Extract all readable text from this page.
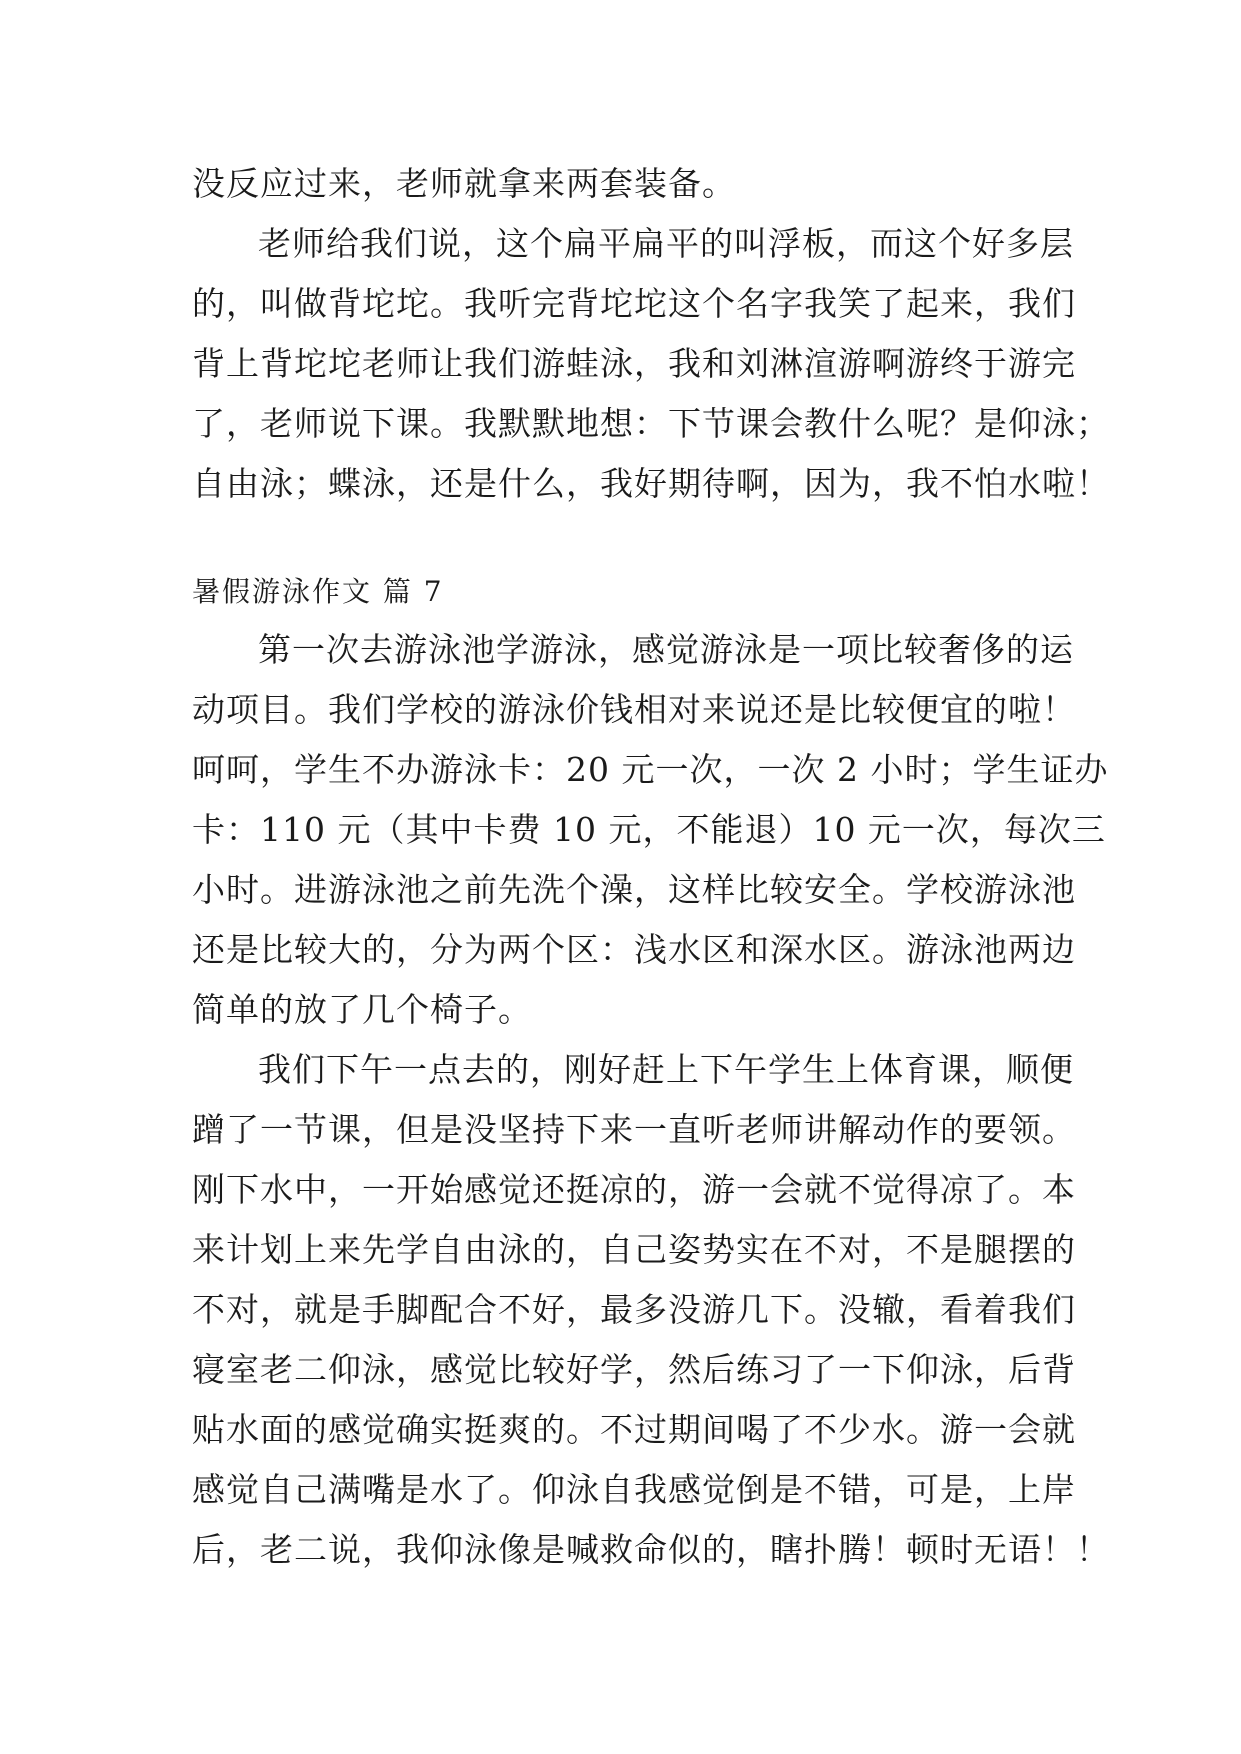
没反应过来，老师就拿来两套装备。
老师给我们说，这个扁平扁平的叫浮板，而这个好多层
的，叫做背坨坨。我听完背坨坨这个名字我笑了起来，我们
背上背坨坨老师让我们游蛙泳，我和刘淋渲游啊游终于游完
了，老师说下课。我默默地想：下节课会教什么呢？是仰泳；
自由泳；蝶泳，还是什么，我好期待啊，因为，我不怕水啦！
暑假游泳作文 篇 7
第一次去游泳池学游泳，感觉游泳是一项比较奢侈的运
动项目。我们学校的游泳价钱相对来说还是比较便宜的啦！
呵呵，学生不办游泳卡：20 元一次，一次 2 小时；学生证办
卡：110 元（其中卡费 10 元，不能退）10 元一次，每次三
小时。进游泳池之前先洗个澡，这样比较安全。学校游泳池
还是比较大的，分为两个区：浅水区和深水区。游泳池两边
简单的放了几个椅子。
我们下午一点去的，刚好赶上下午学生上体育课，顺便
蹭了一节课，但是没坚持下来一直听老师讲解动作的要领。
刚下水中，一开始感觉还挺凉的，游一会就不觉得凉了。本
来计划上来先学自由泳的，自己姿势实在不对，不是腿摆的
不对，就是手脚配合不好，最多没游几下。没辙，看着我们
寝室老二仰泳，感觉比较好学，然后练习了一下仰泳，后背
贴水面的感觉确实挺爽的。不过期间喝了不少水。游一会就
感觉自己满嘴是水了。仰泳自我感觉倒是不错，可是，上岸
后，老二说，我仰泳像是喊救命似的，瞎扑腾！顿时无语！！
